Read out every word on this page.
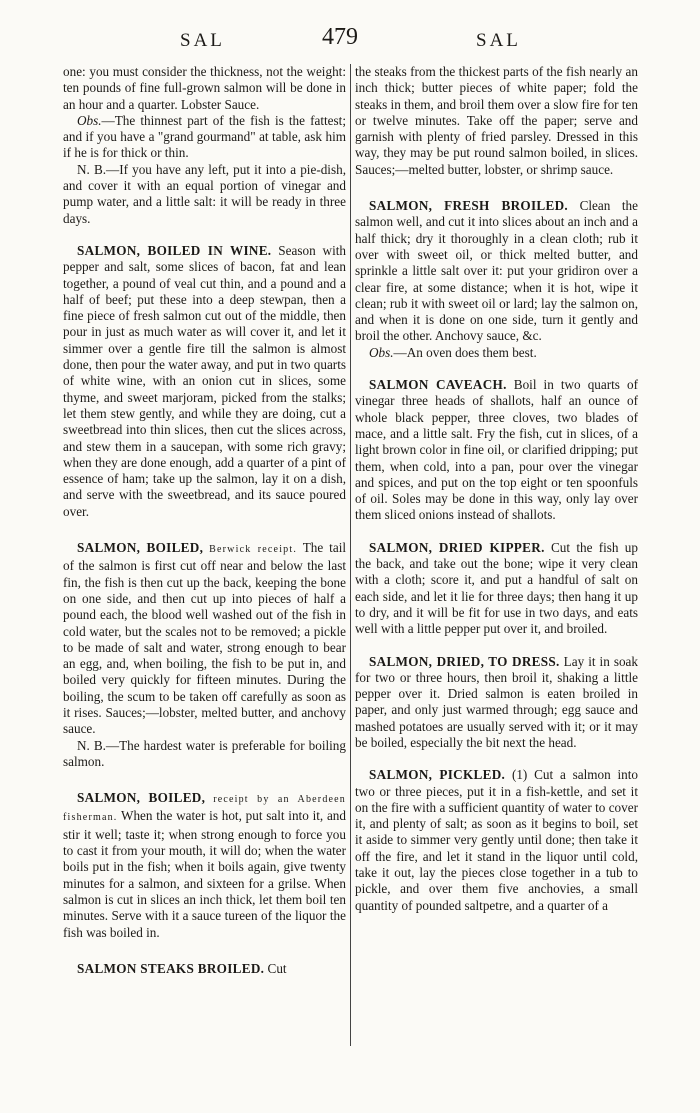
SAL	479	SAL

one: you must consider the thickness, not the weight: ten pounds of fine full-grown salmon will be done in an hour and a quarter. Lobster Sauce.

Obs.—The thinnest part of the fish is the fattest; and if you have a "grand gourmand" at table, ask him if he is for thick or thin.

N. B.—If you have any left, put it into a pie-dish, and cover it with an equal portion of vinegar and pump water, and a little salt: it will be ready in three days.

SALMON, BOILED IN WINE. Season with pepper and salt, some slices of bacon, fat and lean together, a pound of veal cut thin, and a pound and a half of beef; put these into a deep stewpan, then a fine piece of fresh salmon cut out of the middle, then pour in just as much water as will cover it, and let it simmer over a gentle fire till the salmon is almost done, then pour the water away, and put in two quarts of white wine, with an onion cut in slices, some thyme, and sweet marjoram, picked from the stalks; let them stew gently, and while they are doing, cut a sweetbread into thin slices, then cut the slices across, and stew them in a saucepan, with some rich gravy; when they are done enough, add a quarter of a pint of essence of ham; take up the salmon, lay it on a dish, and serve with the sweetbread, and its sauce poured over.

SALMON, BOILED, Berwick receipt. The tail of the salmon is first cut off near and below the last fin, the fish is then cut up the back, keeping the bone on one side, and then cut up into pieces of half a pound each, the blood well washed out of the fish in cold water, but the scales not to be removed; a pickle to be made of salt and water, strong enough to bear an egg, and, when boiling, the fish to be put in, and boiled very quickly for fifteen minutes. During the boiling, the scum to be taken off carefully as soon as it rises. Sauces;—lobster, melted butter, and anchovy sauce.

N. B.—The hardest water is preferable for boiling salmon.

SALMON, BOILED, receipt by an Aberdeen fisherman. When the water is hot, put salt into it, and stir it well; taste it; when strong enough to force you to cast it from your mouth, it will do; when the water boils put in the fish; when it boils again, give twenty minutes for a salmon, and sixteen for a grilse. When salmon is cut in slices an inch thick, let them boil ten minutes. Serve with it a sauce tureen of the liquor the fish was boiled in.

SALMON STEAKS BROILED. Cut

the steaks from the thickest parts of the fish nearly an inch thick; butter pieces of white paper; fold the steaks in them, and broil them over a slow fire for ten or twelve minutes. Take off the paper; serve and garnish with plenty of fried parsley. Dressed in this way, they may be put round salmon boiled, in slices. Sauces;—melted butter, lobster, or shrimp sauce.

SALMON, FRESH BROILED. Clean the salmon well, and cut it into slices about an inch and a half thick; dry it thoroughly in a clean cloth; rub it over with sweet oil, or thick melted butter, and sprinkle a little salt over it: put your gridiron over a clear fire, at some distance; when it is hot, wipe it clean; rub it with sweet oil or lard; lay the salmon on, and when it is done on one side, turn it gently and broil the other. Anchovy sauce, &c.

Obs.—An oven does them best.

SALMON CAVEACH. Boil in two quarts of vinegar three heads of shallots, half an ounce of whole black pepper, three cloves, two blades of mace, and a little salt. Fry the fish, cut in slices, of a light brown color in fine oil, or clarified dripping; put them, when cold, into a pan, pour over the vinegar and spices, and put on the top eight or ten spoonfuls of oil. Soles may be done in this way, only lay over them sliced onions instead of shallots.

SALMON, DRIED KIPPER. Cut the fish up the back, and take out the bone; wipe it very clean with a cloth; score it, and put a handful of salt on each side, and let it lie for three days; then hang it up to dry, and it will be fit for use in two days, and eats well with a little pepper put over it, and broiled.

SALMON, DRIED, TO DRESS. Lay it in soak for two or three hours, then broil it, shaking a little pepper over it. Dried salmon is eaten broiled in paper, and only just warmed through; egg sauce and mashed potatoes are usually served with it; or it may be boiled, especially the bit next the head.

SALMON, PICKLED. (1) Cut a salmon into two or three pieces, put it in a fish-kettle, and set it on the fire with a sufficient quantity of water to cover it, and plenty of salt; as soon as it begins to boil, set it aside to simmer very gently until done; then take it off the fire, and let it stand in the liquor until cold, take it out, lay the pieces close together in a tub to pickle, and over them five anchovies, a small quantity of pounded saltpetre, and a quarter of a
